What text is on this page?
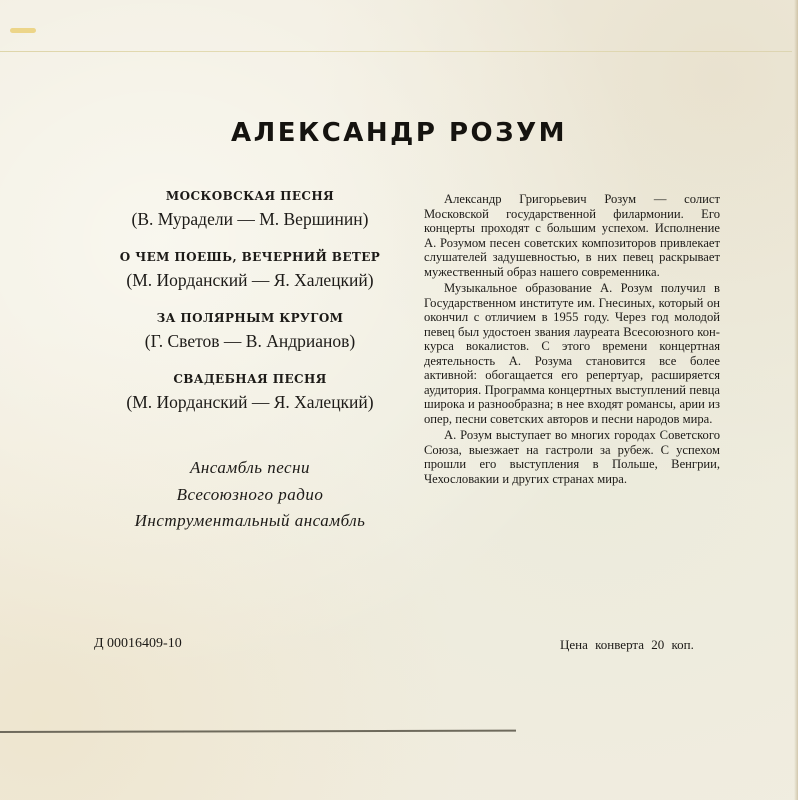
АЛЕКСАНДР РОЗУМ
МОСКОВСКАЯ ПЕСНЯ
(В. Мурадели — М. Вершинин)
О ЧЕМ ПОЕШЬ, ВЕЧЕРНИЙ ВЕТЕР
(М. Иорданский — Я. Халецкий)
ЗА ПОЛЯРНЫМ КРУГОМ
(Г. Светов — В. Андрианов)
СВАДЕБНАЯ ПЕСНЯ
(М. Иорданский — Я. Халецкий)
Ансамбль песни
Всесоюзного радио
Инструментальный ансамбль

Александр Григорьевич Розум — солист Московской государственной филармонии. Его концерты проходят с большим успехом. Исполнение А. Розумом песен советских композиторов привлекает слушателей задушевностью, в них певец раскрывает мужественный образ нашего современника.

Музыкальное образование А. Розум получил в Государственном институте им. Гнесиных, который он окончил с отличием в 1955 году. Через год молодой певец был удостоен звания лауреата Всесоюзного конкурса вокалистов. С этого времени концертная деятельность А. Розума становится все более активной: обогащается его репертуар, расширяется аудитория. Программа концертных выступлений певца широка и разнообразна; в нее входят романсы, арии из опер, песни советских авторов и песни народов мира.

А. Розум выступает во многих городах Советского Союза, выезжает на гастроли за рубеж. С успехом прошли его выступления в Польше, Венгрии, Чехословакии и других странах мира.

Д 00016409-10	Цена конверта 20 коп.
